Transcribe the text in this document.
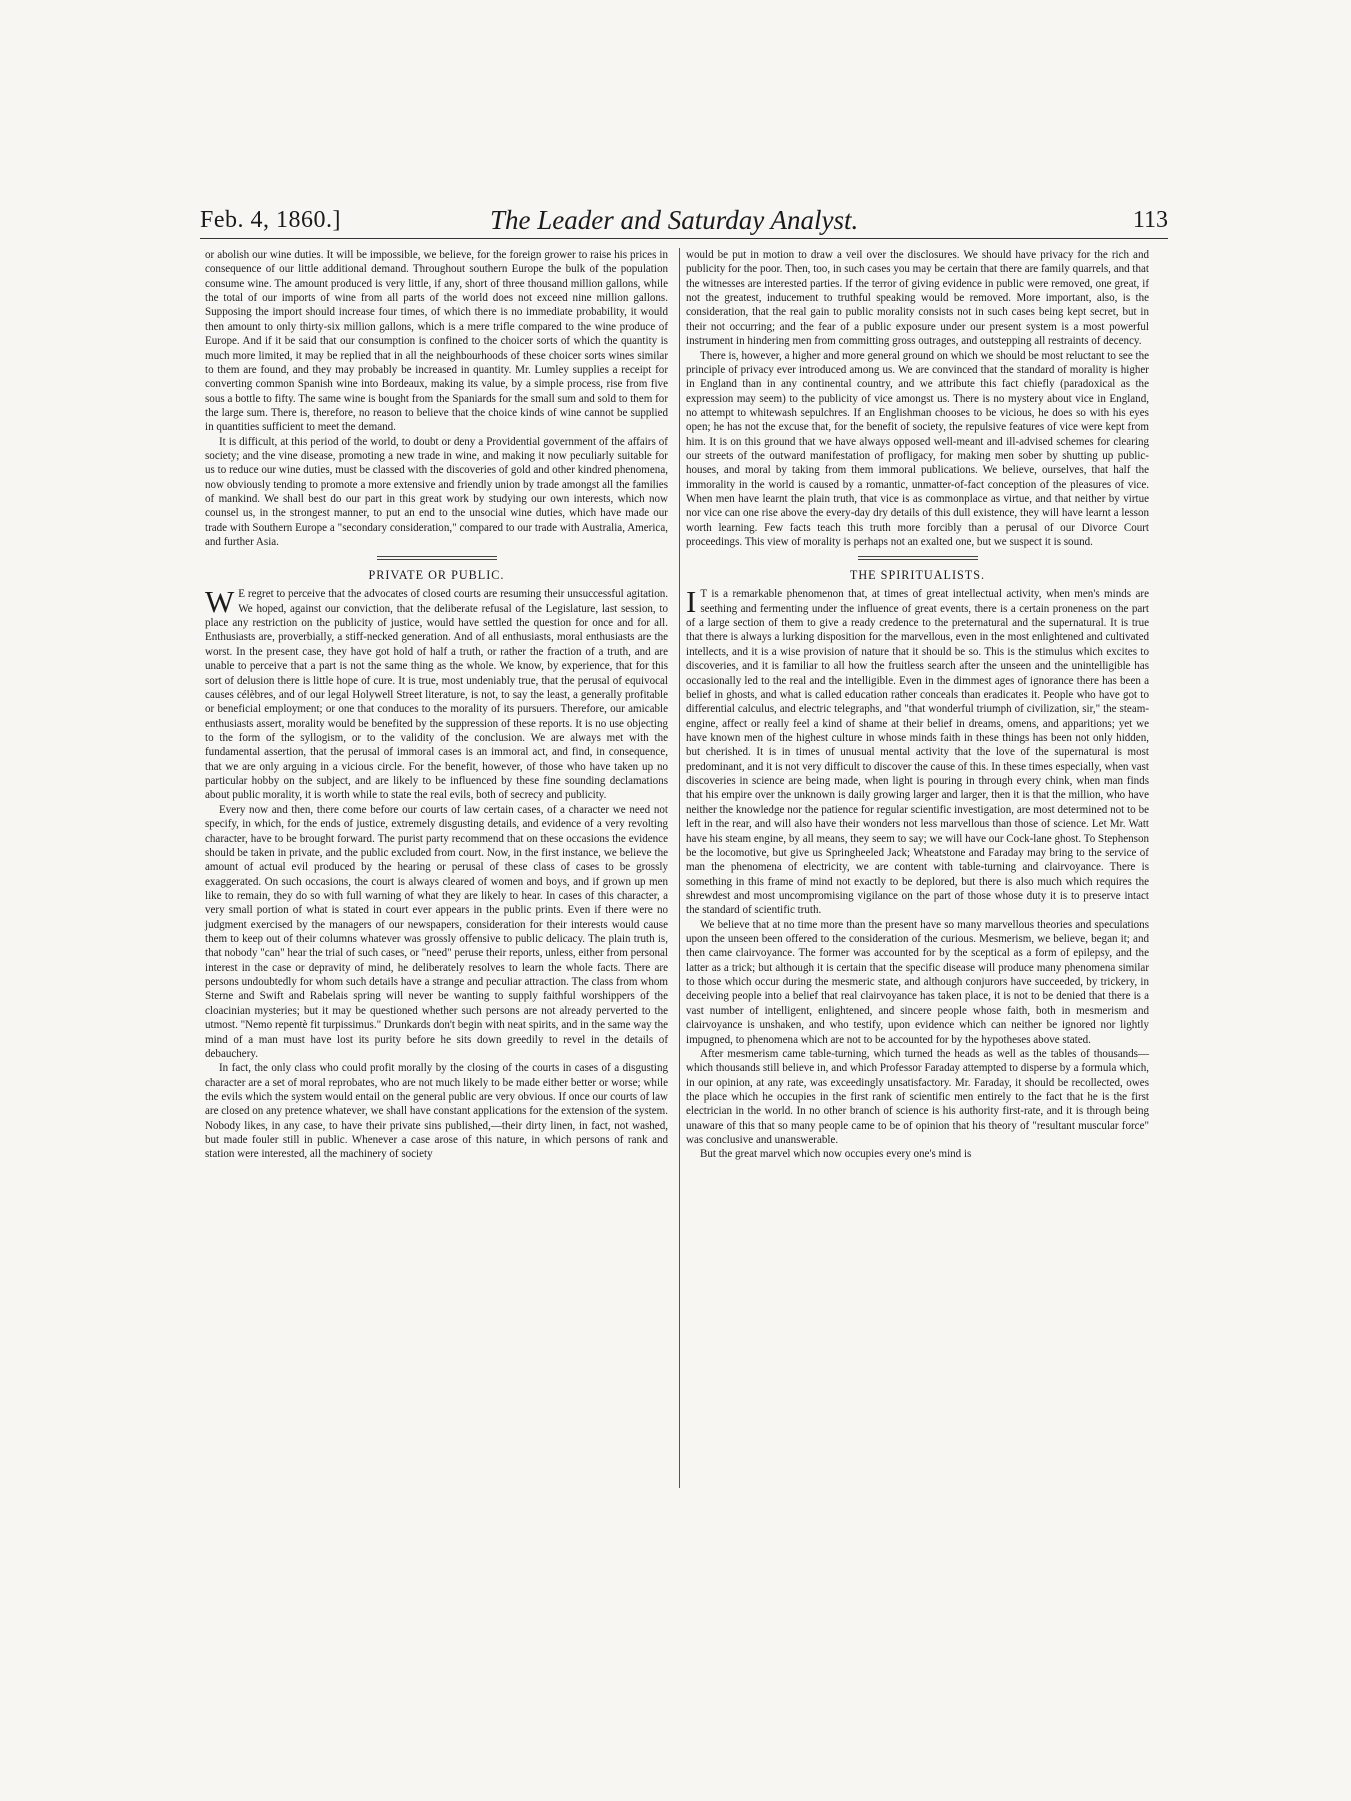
Feb. 4, 1860.]	The Leader and Saturday Analyst.	113

or abolish our wine duties. It will be impossible, we believe, for the foreign grower to raise his prices in consequence of our little additional demand. Throughout southern Europe the bulk of the population consume wine. The amount produced is very little, if any, short of three thousand million gallons, while the total of our imports of wine from all parts of the world does not exceed nine million gallons. Supposing the import should increase four times, of which there is no immediate probability, it would then amount to only thirty-six million gallons, which is a mere trifle compared to the wine produce of Europe. And if it be said that our consumption is confined to the choicer sorts of which the quantity is much more limited, it may be replied that in all the neighbourhoods of these choicer sorts wines similar to them are found, and they may probably be increased in quantity. Mr. Lumley supplies a receipt for converting common Spanish wine into Bordeaux, making its value, by a simple process, rise from five sous a bottle to fifty. The same wine is bought from the Spaniards for the small sum and sold to them for the large sum. There is, therefore, no reason to believe that the choice kinds of wine cannot be supplied in quantities sufficient to meet the demand.

It is difficult, at this period of the world, to doubt or deny a Providential government of the affairs of society; and the vine disease, promoting a new trade in wine, and making it now peculiarly suitable for us to reduce our wine duties, must be classed with the discoveries of gold and other kindred phenomena, now obviously tending to promote a more extensive and friendly union by trade amongst all the families of mankind. We shall best do our part in this great work by studying our own interests, which now counsel us, in the strongest manner, to put an end to the unsocial wine duties, which have made our trade with Southern Europe a "secondary consideration," compared to our trade with Australia, America, and further Asia.

PRIVATE OR PUBLIC.

W E regret to perceive that the advocates of closed courts are resuming their unsuccessful agitation. We hoped, against our conviction, that the deliberate refusal of the Legislature, last session, to place any restriction on the publicity of justice, would have settled the question for once and for all. Enthusiasts are, proverbially, a stiff-necked generation. And of all enthusiasts, moral enthusiasts are the worst. In the present case, they have got hold of half a truth, or rather the fraction of a truth, and are unable to perceive that a part is not the same thing as the whole. We know, by experience, that for this sort of delusion there is little hope of cure. It is true, most undeniably true, that the perusal of equivocal causes célèbres, and of our legal Holywell Street literature, is not, to say the least, a generally profitable or beneficial employment; or one that conduces to the morality of its pursuers. Therefore, our amicable enthusiasts assert, morality would be benefited by the suppression of these reports. It is no use objecting to the form of the syllogism, or to the validity of the conclusion. We are always met with the fundamental assertion, that the perusal of immoral cases is an immoral act, and find, in consequence, that we are only arguing in a vicious circle. For the benefit, however, of those who have taken up no particular hobby on the subject, and are likely to be influenced by these fine sounding declamations about public morality, it is worth while to state the real evils, both of secrecy and publicity.

Every now and then, there come before our courts of law certain cases, of a character we need not specify, in which, for the ends of justice, extremely disgusting details, and evidence of a very revolting character, have to be brought forward. The purist party recommend that on these occasions the evidence should be taken in private, and the public excluded from court. Now, in the first instance, we believe the amount of actual evil produced by the hearing or perusal of these class of cases to be grossly exaggerated. On such occasions, the court is always cleared of women and boys, and if grown up men like to remain, they do so with full warning of what they are likely to hear. In cases of this character, a very small portion of what is stated in court ever appears in the public prints. Even if there were no judgment exercised by the managers of our newspapers, consideration for their interests would cause them to keep out of their columns whatever was grossly offensive to public delicacy. The plain truth is, that nobody "can" hear the trial of such cases, or "need" peruse their reports, unless, either from personal interest in the case or depravity of mind, he deliberately resolves to learn the whole facts. There are persons undoubtedly for whom such details have a strange and peculiar attraction. The class from whom Sterne and Swift and Rabelais spring will never be wanting to supply faithful worshippers of the cloacinian mysteries; but it may be questioned whether such persons are not already perverted to the utmost. "Nemo repentè fit turpissimus." Drunkards don't begin with neat spirits, and in the same way the mind of a man must have lost its purity before he sits down greedily to revel in the details of debauchery.

In fact, the only class who could profit morally by the closing of the courts in cases of a disgusting character are a set of moral reprobates, who are not much likely to be made either better or worse; while the evils which the system would entail on the general public are very obvious. If once our courts of law are closed on any pretence whatever, we shall have constant applications for the extension of the system. Nobody likes, in any case, to have their private sins published,—their dirty linen, in fact, not washed, but made fouler still in public. Whenever a case arose of this nature, in which persons of rank and station were interested, all the machinery of society

would be put in motion to draw a veil over the disclosures. We should have privacy for the rich and publicity for the poor. Then, too, in such cases you may be certain that there are family quarrels, and that the witnesses are interested parties. If the terror of giving evidence in public were removed, one great, if not the greatest, inducement to truthful speaking would be removed. More important, also, is the consideration, that the real gain to public morality consists not in such cases being kept secret, but in their not occurring; and the fear of a public exposure under our present system is a most powerful instrument in hindering men from committing gross outrages, and outstepping all restraints of decency.

There is, however, a higher and more general ground on which we should be most reluctant to see the principle of privacy ever introduced among us. We are convinced that the standard of morality is higher in England than in any continental country, and we attribute this fact chiefly (paradoxical as the expression may seem) to the publicity of vice amongst us. There is no mystery about vice in England, no attempt to whitewash sepulchres. If an Englishman chooses to be vicious, he does so with his eyes open; he has not the excuse that, for the benefit of society, the repulsive features of vice were kept from him. It is on this ground that we have always opposed well-meant and ill-advised schemes for clearing our streets of the outward manifestation of profligacy, for making men sober by shutting up public-houses, and moral by taking from them immoral publications. We believe, ourselves, that half the immorality in the world is caused by a romantic, unmatter-of-fact conception of the pleasures of vice. When men have learnt the plain truth, that vice is as commonplace as virtue, and that neither by virtue nor vice can one rise above the every-day dry details of this dull existence, they will have learnt a lesson worth learning. Few facts teach this truth more forcibly than a perusal of our Divorce Court proceedings. This view of morality is perhaps not an exalted one, but we suspect it is sound.

THE SPIRITUALISTS.

I T is a remarkable phenomenon that, at times of great intellectual activity, when men's minds are seething and fermenting under the influence of great events, there is a certain proneness on the part of a large section of them to give a ready credence to the preternatural and the supernatural. It is true that there is always a lurking disposition for the marvellous, even in the most enlightened and cultivated intellects, and it is a wise provision of nature that it should be so. This is the stimulus which excites to discoveries, and it is familiar to all how the fruitless search after the unseen and the unintelligible has occasionally led to the real and the intelligible. Even in the dimmest ages of ignorance there has been a belief in ghosts, and what is called education rather conceals than eradicates it. People who have got to differential calculus, and electric telegraphs, and "that wonderful triumph of civilization, sir," the steam-engine, affect or really feel a kind of shame at their belief in dreams, omens, and apparitions; yet we have known men of the highest culture in whose minds faith in these things has been not only hidden, but cherished. It is in times of unusual mental activity that the love of the supernatural is most predominant, and it is not very difficult to discover the cause of this. In these times especially, when vast discoveries in science are being made, when light is pouring in through every chink, when man finds that his empire over the unknown is daily growing larger and larger, then it is that the million, who have neither the knowledge nor the patience for regular scientific investigation, are most determined not to be left in the rear, and will also have their wonders not less marvellous than those of science. Let Mr. Watt have his steam engine, by all means, they seem to say; we will have our Cock-lane ghost. To Stephenson be the locomotive, but give us Springheeled Jack; Wheatstone and Faraday may bring to the service of man the phenomena of electricity, we are content with table-turning and clairvoyance. There is something in this frame of mind not exactly to be deplored, but there is also much which requires the shrewdest and most uncompromising vigilance on the part of those whose duty it is to preserve intact the standard of scientific truth.

We believe that at no time more than the present have so many marvellous theories and speculations upon the unseen been offered to the consideration of the curious. Mesmerism, we believe, began it; and then came clairvoyance. The former was accounted for by the sceptical as a form of epilepsy, and the latter as a trick; but although it is certain that the specific disease will produce many phenomena similar to those which occur during the mesmeric state, and although conjurors have succeeded, by trickery, in deceiving people into a belief that real clairvoyance has taken place, it is not to be denied that there is a vast number of intelligent, enlightened, and sincere people whose faith, both in mesmerism and clairvoyance is unshaken, and who testify, upon evidence which can neither be ignored nor lightly impugned, to phenomena which are not to be accounted for by the hypotheses above stated.

After mesmerism came table-turning, which turned the heads as well as the tables of thousands—which thousands still believe in, and which Professor Faraday attempted to disperse by a formula which, in our opinion, at any rate, was exceedingly unsatisfactory. Mr. Faraday, it should be recollected, owes the place which he occupies in the first rank of scientific men entirely to the fact that he is the first electrician in the world. In no other branch of science is his authority first-rate, and it is through being unaware of this that so many people came to be of opinion that his theory of "resultant muscular force" was conclusive and unanswerable.

But the great marvel which now occupies every one's mind is
